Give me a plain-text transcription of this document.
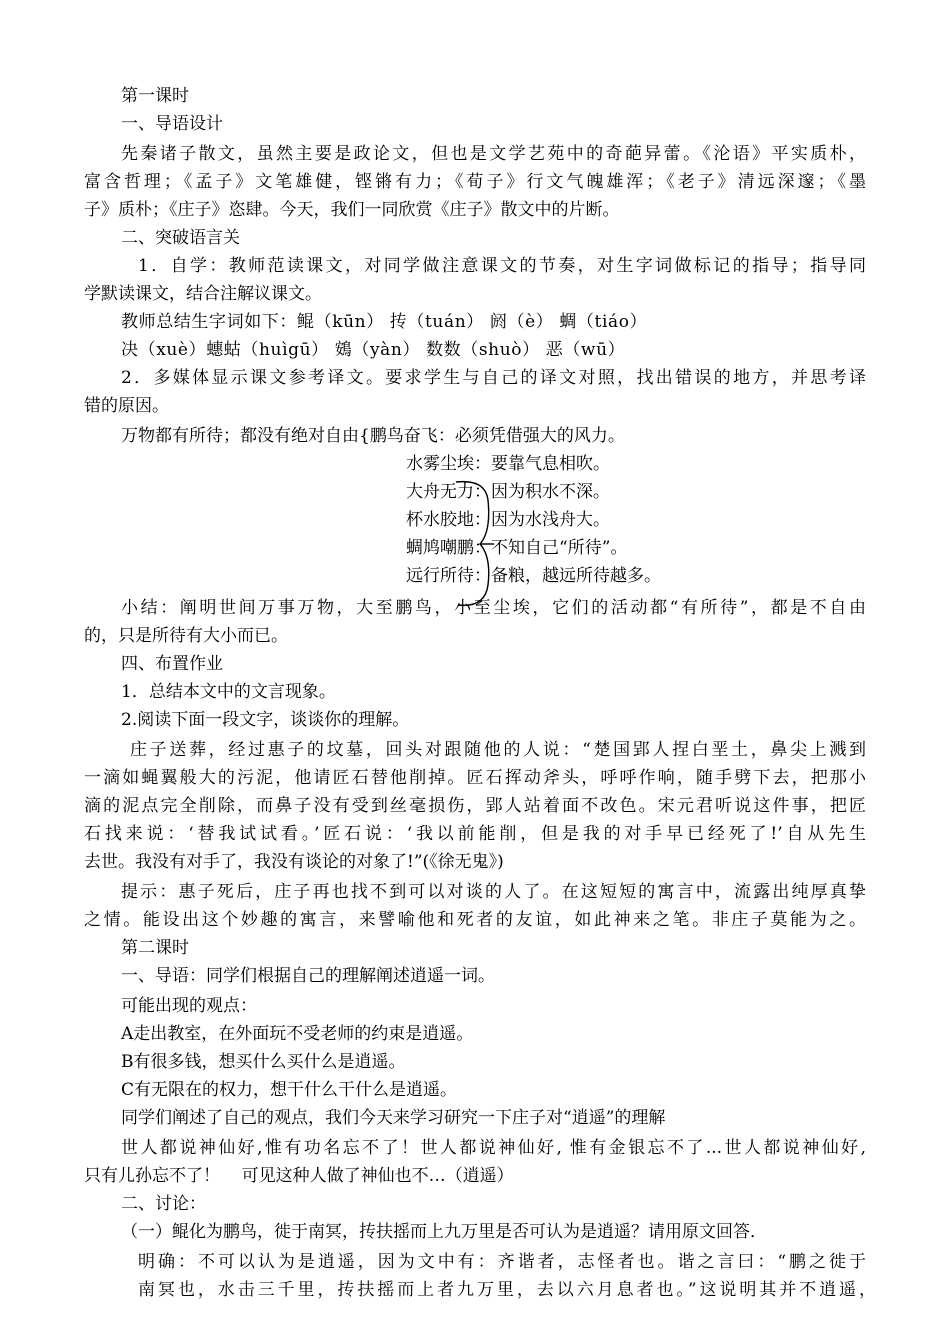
第一课时
一、导语设计
先秦诸子散文，虽然主要是政论文，但也是文学艺苑中的奇葩异蕾。《沦语》平实质朴，
富含哲理；《孟子》文笔雄健，铿锵有力；《荀子》行文气魄雄浑；《老子》清远深邃；《墨
子》质朴；《庄子》恣肆。今天，我们一同欣赏《庄子》散文中的片断。
二、突破语言关
1．自学：教师范读课文，对同学做注意课文的节奏，对生字词做标记的指导；指导同
学默读课文，结合注解议课文。
教师总结生字词如下：鲲（kūn） 抟（tuán） 阏（è） 蜩（tiáo）
决（xuè）蟪蛄（huìgū） 鴳（yàn） 数数（shuò） 恶（wū）
2．多媒体显示课文参考译文。要求学生与自己的译文对照，找出错误的地方，并思考译
错的原因。
万物都有所待；都没有绝对自由{鹏鸟奋飞：必须凭借强大的风力。
水雾尘埃：要靠气息相吹。
大舟无力：因为积水不深。
杯水胶地：因为水浅舟大。
蜩鸠嘲鹏：不知自己“所待”。
远行所待：备粮，越远所待越多。
小结：阐明世间万事万物，大至鹏鸟，小至尘埃，它们的活动都“有所待”，都是不自由
的，只是所待有大小而已。
四、布置作业
1．总结本文中的文言现象。
2.阅读下面一段文字，谈谈你的理解。
庄子送葬，经过惠子的坟墓，回头对跟随他的人说：“楚国郢人捏白垩土，鼻尖上溅到
一滴如蝇翼般大的污泥，他请匠石替他削掉。匠石挥动斧头，呼呼作响，随手劈下去，把那小
滴的泥点完全削除，而鼻子没有受到丝毫损伤，郢人站着面不改色。宋元君听说这件事，把匠
石找来说：‘替我试试看。’匠石说：‘我以前能削，但是我的对手早已经死了!’自从先生
去世。我没有对手了，我没有谈论的对象了!”(《徐无鬼》)
提示：惠子死后，庄子再也找不到可以对谈的人了。在这短短的寓言中，流露出纯厚真挚
之情。能设出这个妙趣的寓言，来譬喻他和死者的友谊，如此神来之笔。非庄子莫能为之。
第二课时
一、导语：同学们根据自己的理解阐述逍遥一词。
可能出现的观点：
A走出教室，在外面玩不受老师的约束是逍遥。
B有很多钱，想买什么买什么是逍遥。
C有无限在的权力，想干什么干什么是逍遥。
同学们阐述了自己的观点，我们今天来学习研究一下庄子对“逍遥”的理解
世人都说神仙好,惟有功名忘不了！世人都说神仙好, 惟有金银忘不了...世人都说神仙好,
只有儿孙忘不了！    可见这种人做了神仙也不…（逍遥）
二、讨论：
（一）鲲化为鹏鸟，徙于南冥，抟扶摇而上九万里是否可认为是逍遥？请用原文回答．
明确：不可以认为是逍遥，因为文中有：齐谐者，志怪者也。谐之言曰：“鹏之徙于
南冥也，水击三千里，抟扶摇而上者九万里，去以六月息者也。”这说明其并不逍遥，
